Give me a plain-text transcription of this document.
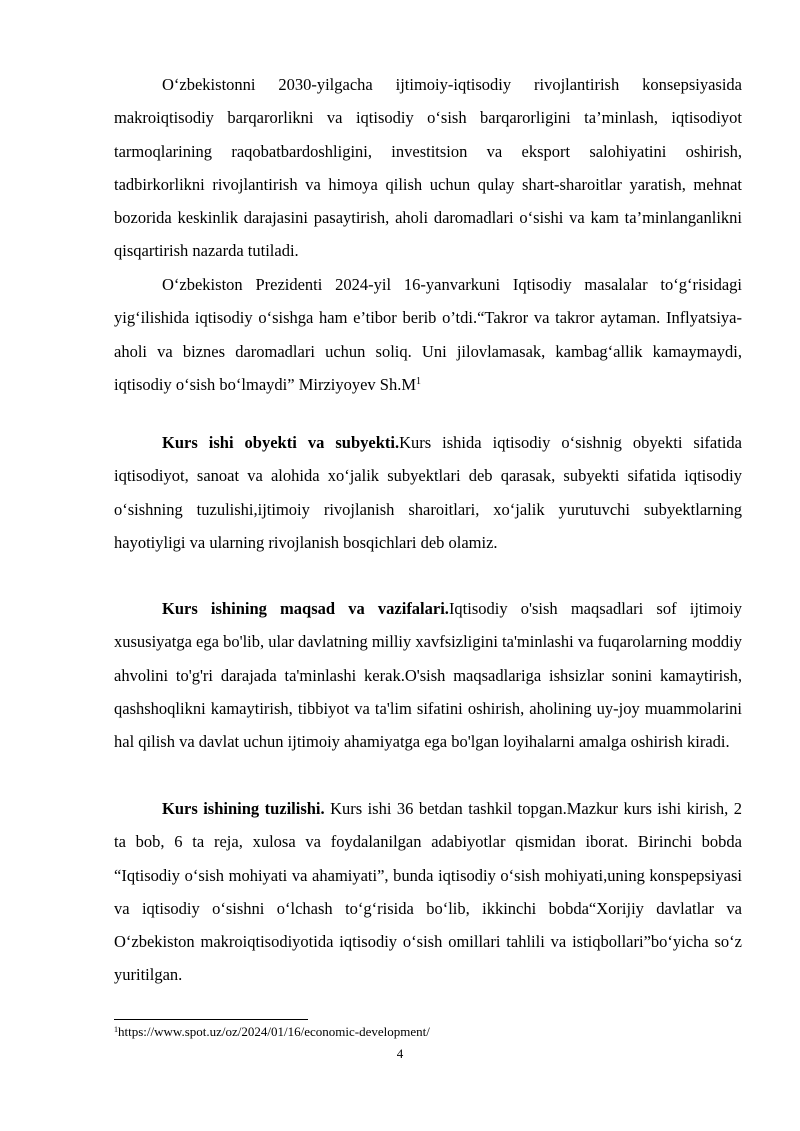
O‘zbekistonni 2030-yilgacha ijtimoiy-iqtisodiy rivojlantirish konsepsiyasida makroiqtisodiy barqarorlikni va iqtisodiy o‘sish barqarorligini ta’minlash, iqtisodiyot tarmoqlarining raqobatbardoshligini, investitsion va eksport salohiyatini oshirish, tadbirkorlikni rivojlantirish va himoya qilish uchun qulay shart-sharoitlar yaratish, mehnat bozorida keskinlik darajasini pasaytirish, aholi daromadlari o‘sishi va kam ta’minlanganlikni qisqartirish nazarda tutiladi.

O‘zbekiston Prezidenti 2024-yil 16-yanvarkuni Iqtisodiy masalalar to‘g‘risidagi yig‘ilishida iqtisodiy o‘sishga ham e’tibor berib o’tdi.“Takror va takror aytaman. Inflyatsiya- aholi va biznes daromadlari uchun soliq. Uni jilovlamasak, kambag‘allik kamaymaydi, iqtisodiy o‘sish bo‘lmaydi” Mirziyoyev $Sh.M^1$

Kurs ishi obyekti va subyekti.Kurs ishida iqtisodiy o‘sishnig obyekti sifatida iqtisodiyot, sanoat va alohida xo‘jalik subyektlari deb qarasak, subyekti sifatida iqtisodiy o‘sishning tuzulishi,ijtimoiy rivojlanish sharoitlari, xo‘jalik yurutuvchi subyektlarning hayotiyligi va ularning rivojlanish bosqichlari deb olamiz.

Kurs ishining maqsad va vazifalari.Iqtisodiy o'sish maqsadlari sof ijtimoiy xususiyatga ega bo'lib, ular davlatning milliy xavfsizligini ta'minlashi va fuqarolarning moddiy ahvolini to'g'ri darajada ta'minlashi kerak.O'sish maqsadlariga ishsizlar sonini kamaytirish, qashshoqlikni kamaytirish, tibbiyot va ta'lim sifatini oshirish, aholining uy-joy muammolarini hal qilish va davlat uchun ijtimoiy ahamiyatga ega bo'lgan loyihalarni amalga oshirish kiradi.

Kurs ishining tuzilishi. Kurs ishi 36 betdan tashkil topgan.Mazkur kurs ishi kirish, 2 ta bob, 6 ta reja, xulosa va foydalanilgan adabiyotlar qismidan iborat. Birinchi bobda “Iqtisodiy o‘sish mohiyati va ahamiyati”, bunda iqtisodiy o‘sish mohiyati,uning konspepsiyasi va iqtisodiy o‘sishni o‘lchash to‘g‘risida bo‘lib, ikkinchi bobda“Xorijiy davlatlar va O‘zbekiston makroiqtisodiyotida iqtisodiy o‘sish omillari tahlili va istiqbollari”bo‘yicha so‘z yuritilgan.

$^1$https://www.spot.uz/oz/2024/01/16/economic-development/
4
